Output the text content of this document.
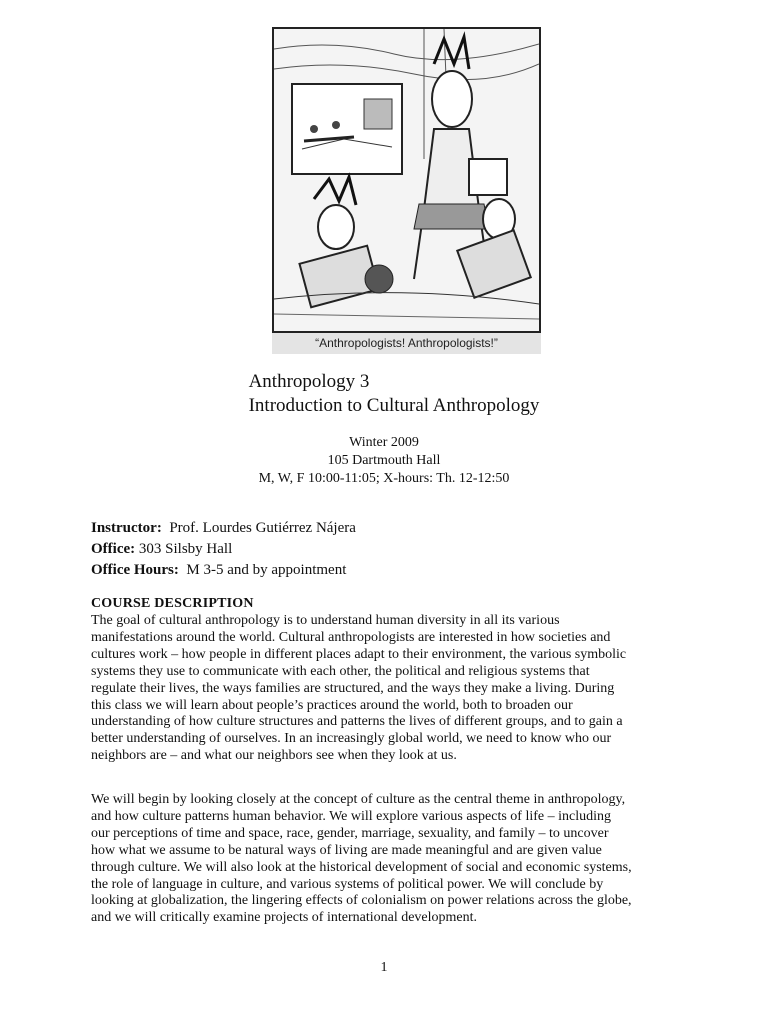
“Anthropologists! Anthropologists!”
Anthropology 3
Introduction to Cultural Anthropology
Winter 2009
105 Dartmouth Hall
M, W, F 10:00-11:05; X-hours: Th. 12-12:50
Instructor:  Prof. Lourdes Gutiérrez Nájera
Office: 303 Silsby Hall
Office Hours:  M 3-5 and by appointment
COURSE DESCRIPTION
The goal of cultural anthropology is to understand human diversity in all its various
manifestations around the world. Cultural anthropologists are interested in how societies and
cultures work – how people in different places adapt to their environment, the various symbolic
systems they use to communicate with each other, the political and religious systems that
regulate their lives, the ways families are structured, and the ways they make a living. During
this class we will learn about people’s practices around the world, both to broaden our
understanding of how culture structures and patterns the lives of different groups, and to gain a
better understanding of ourselves. In an increasingly global world, we need to know who our
neighbors are – and what our neighbors see when they look at us.
We will begin by looking closely at the concept of culture as the central theme in anthropology,
and how culture patterns human behavior. We will explore various aspects of life – including
our perceptions of time and space, race, gender, marriage, sexuality, and family – to uncover
how what we assume to be natural ways of living are made meaningful and are given value
through culture. We will also look at the historical development of social and economic systems,
the role of language in culture, and various systems of political power. We will conclude by
looking at globalization, the lingering effects of colonialism on power relations across the globe,
and we will critically examine projects of international development.
1
